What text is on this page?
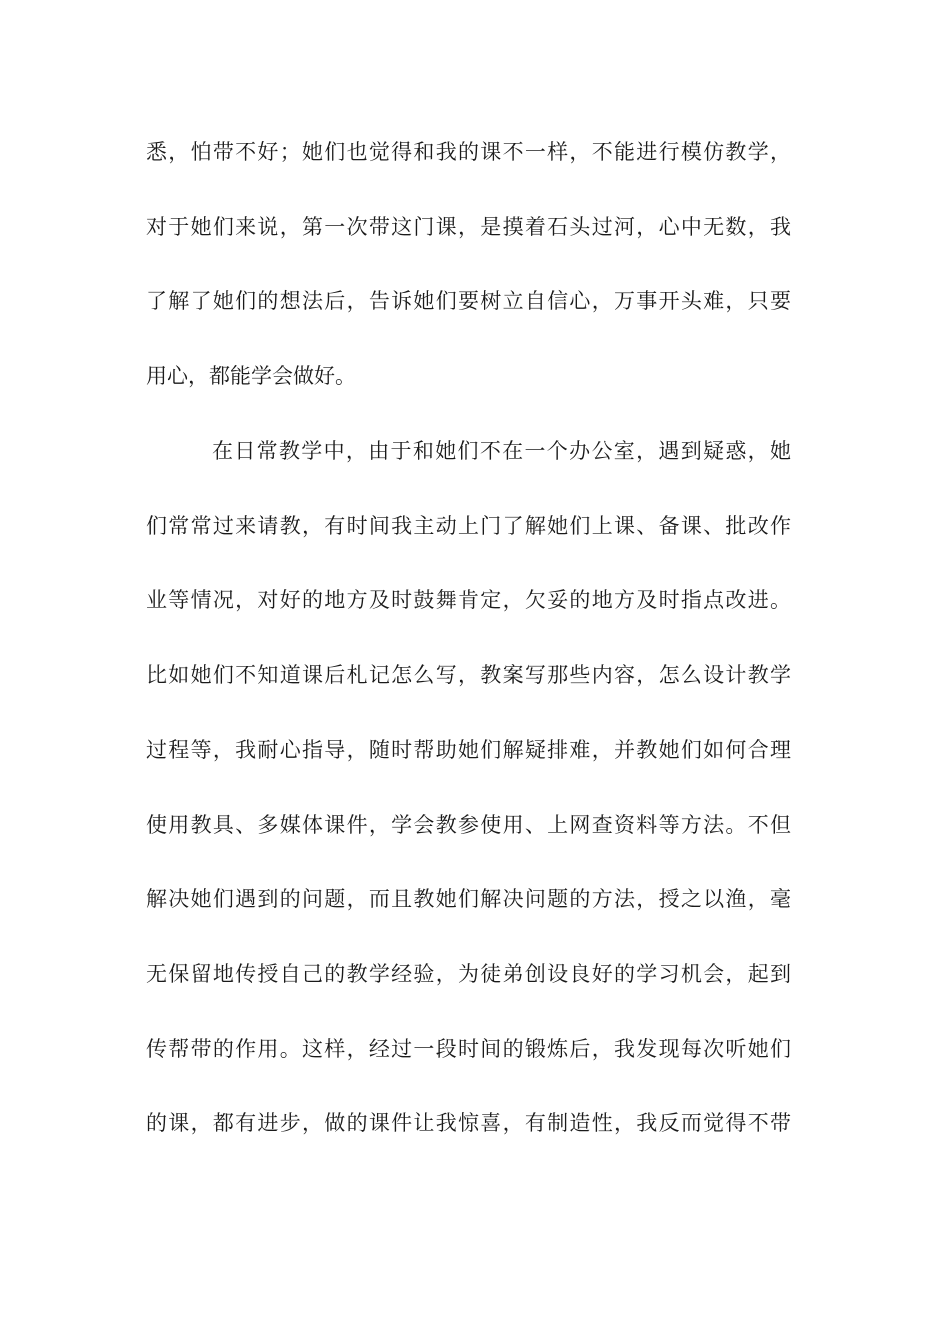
悉，怕带不好；她们也觉得和我的课不一样，不能进行模仿教学，
对于她们来说，第一次带这门课，是摸着石头过河，心中无数，我
了解了她们的想法后，告诉她们要树立自信心，万事开头难，只要
用心，都能学会做好。
在日常教学中，由于和她们不在一个办公室，遇到疑惑，她
们常常过来请教，有时间我主动上门了解她们上课、备课、批改作
业等情况，对好的地方及时鼓舞肯定，欠妥的地方及时指点改进。
比如她们不知道课后札记怎么写，教案写那些内容，怎么设计教学
过程等，我耐心指导，随时帮助她们解疑排难，并教她们如何合理
使用教具、多媒体课件，学会教参使用、上网查资料等方法。不但
解决她们遇到的问题，而且教她们解决问题的方法，授之以渔，毫
无保留地传授自己的教学经验，为徒弟创设良好的学习机会，起到
传帮带的作用。这样，经过一段时间的锻炼后，我发现每次听她们
的课，都有进步，做的课件让我惊喜，有制造性，我反而觉得不带
